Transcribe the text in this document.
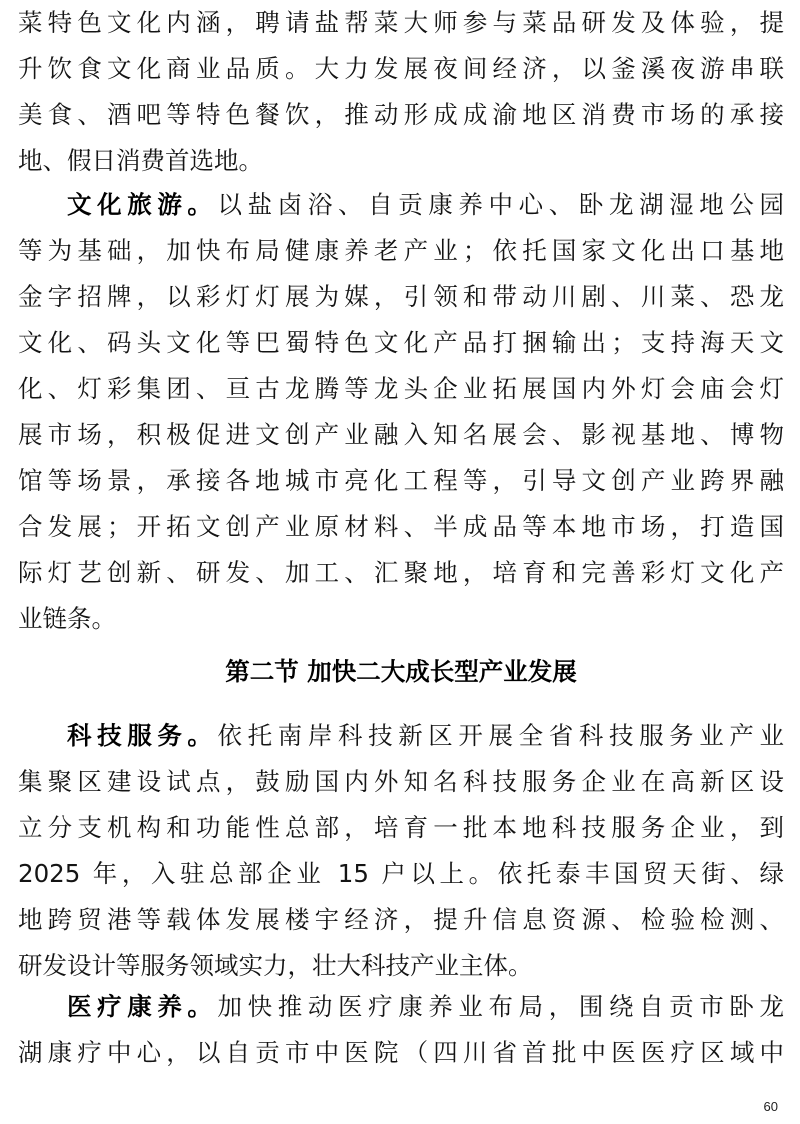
菜特色文化内涵，聘请盐帮菜大师参与菜品研发及体验，提
升饮食文化商业品质。大力发展夜间经济，以釜溪夜游串联
美食、酒吧等特色餐饮，推动形成成渝地区消费市场的承接
地、假日消费首选地。
文化旅游。以盐卤浴、自贡康养中心、卧龙湖湿地公园
等为基础，加快布局健康养老产业；依托国家文化出口基地
金字招牌，以彩灯灯展为媒，引领和带动川剧、川菜、恐龙
文化、码头文化等巴蜀特色文化产品打捆输出；支持海天文
化、灯彩集团、亘古龙腾等龙头企业拓展国内外灯会庙会灯
展市场，积极促进文创产业融入知名展会、影视基地、博物
馆等场景，承接各地城市亮化工程等，引导文创产业跨界融
合发展；开拓文创产业原材料、半成品等本地市场，打造国
际灯艺创新、研发、加工、汇聚地，培育和完善彩灯文化产
业链条。
第二节 加快二大成长型产业发展
科技服务。依托南岸科技新区开展全省科技服务业产业
集聚区建设试点，鼓励国内外知名科技服务企业在高新区设
立分支机构和功能性总部，培育一批本地科技服务企业，到
2025 年，入驻总部企业 15 户以上。依托泰丰国贸天街、绿
地跨贸港等载体发展楼宇经济，提升信息资源、检验检测、
研发设计等服务领域实力，壮大科技产业主体。
医疗康养。加快推动医疗康养业布局，围绕自贡市卧龙
湖康疗中心，以自贡市中医院（四川省首批中医医疗区域中
60
